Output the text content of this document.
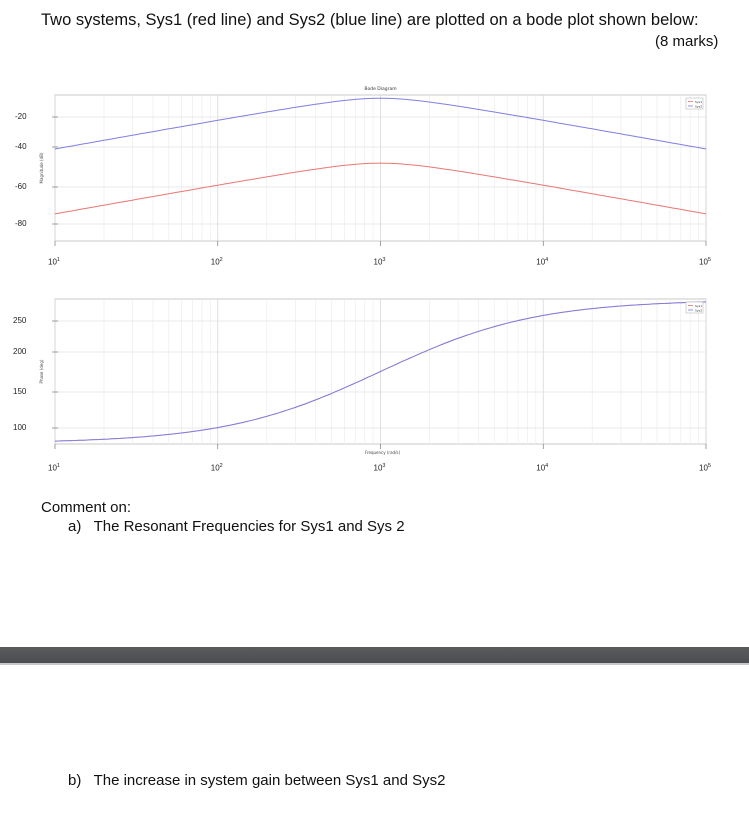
Two systems, Sys1 (red line) and Sys2 (blue line) are plotted on a bode plot shown below:
(8 marks)
Bode Diagram
Magnitude (dB)
Sys1
Sys2
Frequency (rad/s)
Phase (deg)
Sys1
Sys2
-20
-40
-60
-80
$10^1$	$10^2$	$10^3$	$10^4$	$10^5$
250
200
150
100
$10^1$	$10^2$	$10^3$	$10^4$	$10^5$
Comment on:
a)   The Resonant Frequencies for Sys1 and Sys 2
b)   The increase in system gain between Sys1 and Sys2
